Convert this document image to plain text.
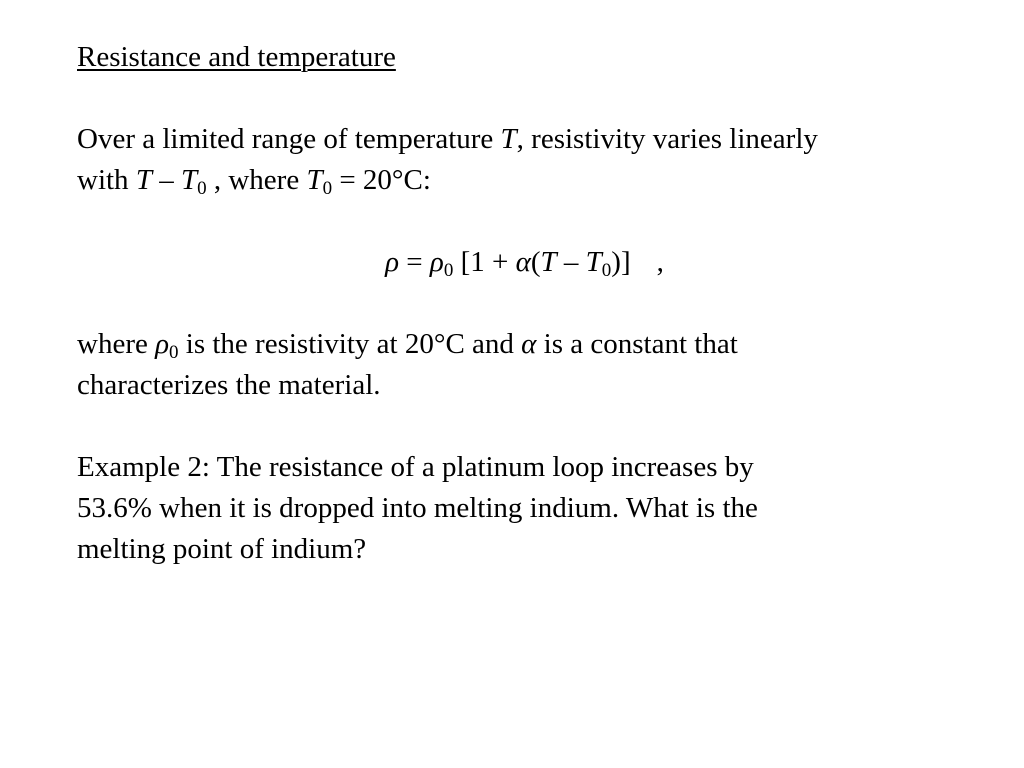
Resistance and temperature
Over a limited range of temperature T, resistivity varies linearly
with T – $T_0$ , where $T_0 = 20^\circ C$:
$\rho = \rho_0$ $[1 + \alpha(T - T_0)]$ ,
where $\rho_0$ is the resistivity at 20°C and α is a constant that
characterizes the material.
Example 2: The resistance of a platinum loop increases by
53.6% when it is dropped into melting indium. What is the
melting point of indium?
